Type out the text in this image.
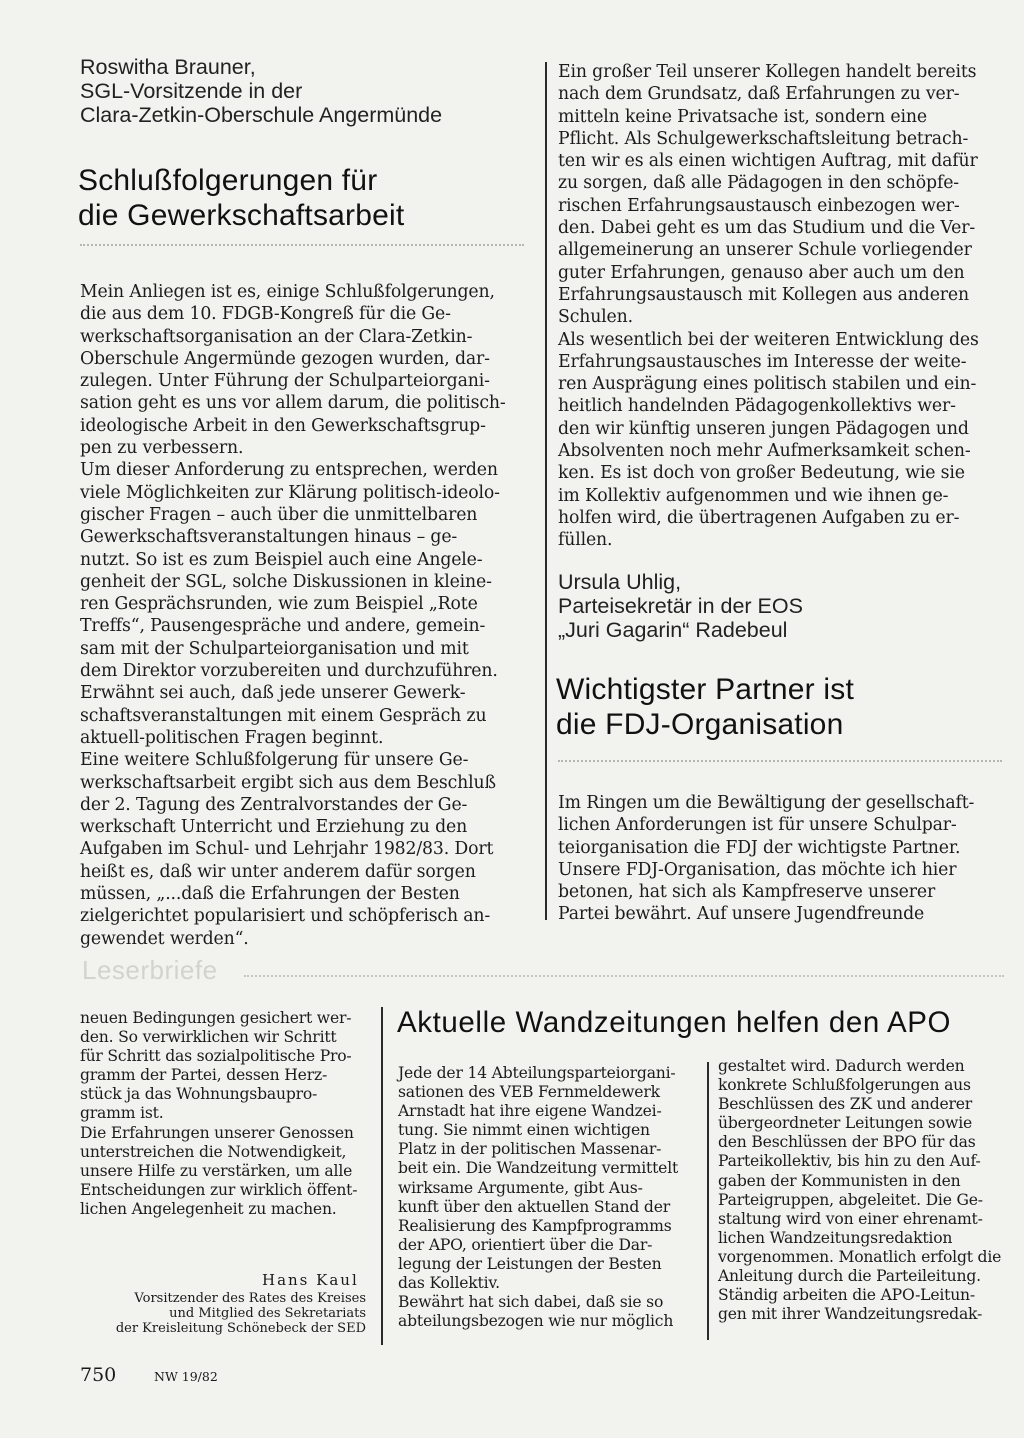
Roswitha Brauner,
SGL-Vorsitzende in der
Clara-Zetkin-Oberschule Angermünde
Schlußfolgerungen für
die Gewerkschaftsarbeit
Mein Anliegen ist es, einige Schlußfolgerungen,
die aus dem 10. FDGB-Kongreß für die Ge-
werkschaftsorganisation an der Clara-Zetkin-
Oberschule Angermünde gezogen wurden, dar-
zulegen. Unter Führung der Schulparteiorgani-
sation geht es uns vor allem darum, die politisch-
ideologische Arbeit in den Gewerkschaftsgrup-
pen zu verbessern.
Um dieser Anforderung zu entsprechen, werden
viele Möglichkeiten zur Klärung politisch-ideolo-
gischer Fragen – auch über die unmittelbaren
Gewerkschaftsveranstaltungen hinaus – ge-
nutzt. So ist es zum Beispiel auch eine Angele-
genheit der SGL, solche Diskussionen in kleine-
ren Gesprächsrunden, wie zum Beispiel „Rote
Treffs“, Pausengespräche und andere, gemein-
sam mit der Schulparteiorganisation und mit
dem Direktor vorzubereiten und durchzuführen.
Erwähnt sei auch, daß jede unserer Gewerk-
schaftsveranstaltungen mit einem Gespräch zu
aktuell-politischen Fragen beginnt.
Eine weitere Schlußfolgerung für unsere Ge-
werkschaftsarbeit ergibt sich aus dem Beschluß
der 2. Tagung des Zentralvorstandes der Ge-
werkschaft Unterricht und Erziehung zu den
Aufgaben im Schul- und Lehrjahr 1982/83. Dort
heißt es, daß wir unter anderem dafür sorgen
müssen, „...daß die Erfahrungen der Besten
zielgerichtet popularisiert und schöpferisch an-
gewendet werden“.
Ein großer Teil unserer Kollegen handelt bereits
nach dem Grundsatz, daß Erfahrungen zu ver-
mitteln keine Privatsache ist, sondern eine
Pflicht. Als Schulgewerkschaftsleitung betrach-
ten wir es als einen wichtigen Auftrag, mit dafür
zu sorgen, daß alle Pädagogen in den schöpfe-
rischen Erfahrungsaustausch einbezogen wer-
den. Dabei geht es um das Studium und die Ver-
allgemeinerung an unserer Schule vorliegender
guter Erfahrungen, genauso aber auch um den
Erfahrungsaustausch mit Kollegen aus anderen
Schulen.
Als wesentlich bei der weiteren Entwicklung des
Erfahrungsaustausches im Interesse der weite-
ren Ausprägung eines politisch stabilen und ein-
heitlich handelnden Pädagogenkollektivs wer-
den wir künftig unseren jungen Pädagogen und
Absolventen noch mehr Aufmerksamkeit schen-
ken. Es ist doch von großer Bedeutung, wie sie
im Kollektiv aufgenommen und wie ihnen ge-
holfen wird, die übertragenen Aufgaben zu er-
füllen.
Ursula Uhlig,
Parteisekretär in der EOS
„Juri Gagarin“ Radebeul
Wichtigster Partner ist
die FDJ-Organisation
Im Ringen um die Bewältigung der gesellschaft-
lichen Anforderungen ist für unsere Schulpar-
teiorganisation die FDJ der wichtigste Partner.
Unsere FDJ-Organisation, das möchte ich hier
betonen, hat sich als Kampfreserve unserer
Partei bewährt. Auf unsere Jugendfreunde
Leserbriefe
neuen Bedingungen gesichert wer-
den. So verwirklichen wir Schritt
für Schritt das sozialpolitische Pro-
gramm der Partei, dessen Herz-
stück ja das Wohnungsbaupro-
gramm ist.
Die Erfahrungen unserer Genossen
unterstreichen die Notwendigkeit,
unsere Hilfe zu verstärken, um alle
Entscheidungen zur wirklich öffent-
lichen Angelegenheit zu machen.
Hans Kaul
Vorsitzender des Rates des Kreises
und Mitglied des Sekretariats
der Kreisleitung Schönebeck der SED
Aktuelle Wandzeitungen helfen den APO
Jede der 14 Abteilungsparteiorgani-
sationen des VEB Fernmeldewerk
Arnstadt hat ihre eigene Wandzei-
tung. Sie nimmt einen wichtigen
Platz in der politischen Massenar-
beit ein. Die Wandzeitung vermittelt
wirksame Argumente, gibt Aus-
kunft über den aktuellen Stand der
Realisierung des Kampfprogramms
der APO, orientiert über die Dar-
legung der Leistungen der Besten
das Kollektiv.
Bewährt hat sich dabei, daß sie so
abteilungsbezogen wie nur möglich
gestaltet wird. Dadurch werden
konkrete Schlußfolgerungen aus
Beschlüssen des ZK und anderer
übergeordneter Leitungen sowie
den Beschlüssen der BPO für das
Parteikollektiv, bis hin zu den Auf-
gaben der Kommunisten in den
Parteigruppen, abgeleitet. Die Ge-
staltung wird von einer ehrenamt-
lichen Wandzeitungsredaktion
vorgenommen. Monatlich erfolgt die
Anleitung durch die Parteileitung.
Ständig arbeiten die APO-Leitun-
gen mit ihrer Wandzeitungsredak-
750	NW 19/82
